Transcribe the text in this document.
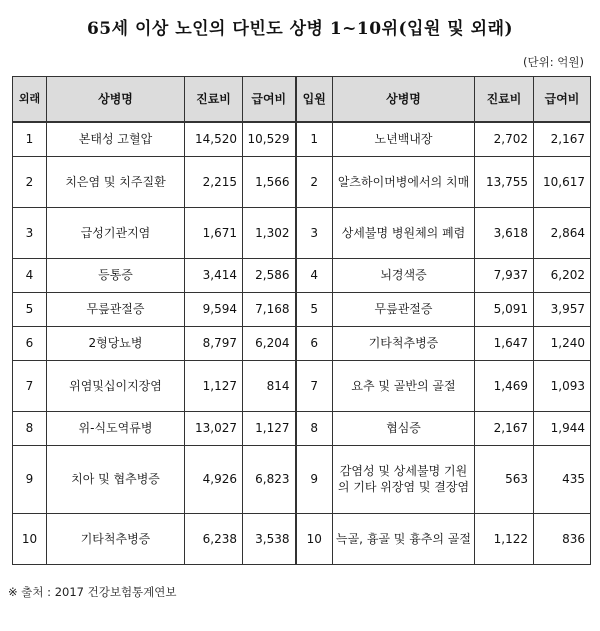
65세 이상 노인의 다빈도 상병 1~10위(입원 및 외래)
(단위: 억원)
외래	상병명	진료비	급여비	입원	상병명	진료비	급여비
1	본태성 고혈압	14,520	10,529	1	노년백내장	2,702	2,167
2	치은염 및 치주질환	2,215	1,566	2	알츠하이머병에서의 치매	13,755	10,617
3	급성기관지염	1,671	1,302	3	상세불명 병원체의 폐렴	3,618	2,864
4	등통증	3,414	2,586	4	뇌경색증	7,937	6,202
5	무릎관절증	9,594	7,168	5	무릎관절증	5,091	3,957
6	2형당뇨병	8,797	6,204	6	기타척추병증	1,647	1,240
7	위염및십이지장염	1,127	814	7	요추 및 골반의 골절	1,469	1,093
8	위-식도역류병	13,027	1,127	8	협심증	2,167	1,944
9	치아 및 협추병증	4,926	6,823	9	감염성 및 상세불명 기원의 기타 위장염 및 결장염	563	435
10	기타척추병증	6,238	3,538	10	늑골, 흉골 및 흉추의 골절	1,122	836
※ 출처 : 2017 건강보험통계연보
